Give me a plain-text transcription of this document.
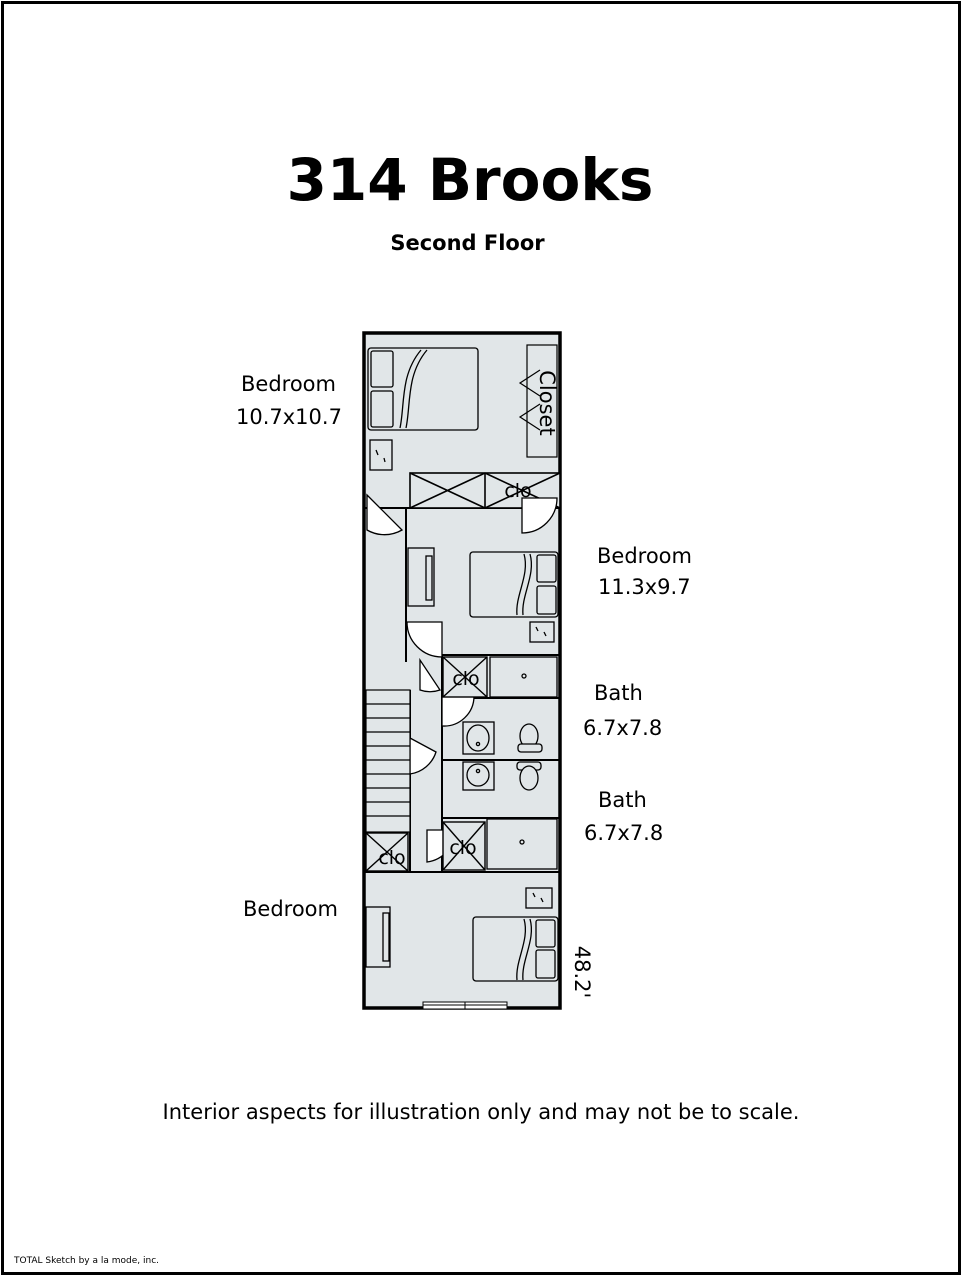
314 Brooks
Second Floor
Closet
48.2'
clo
clo
clo
clo
Bedroom
10.7x10.7
Bedroom
11.3x9.7
Bath
6.7x7.8
Bath
6.7x7.8
Bedroom
Interior aspects for illustration only and may not be to scale.
TOTAL Sketch by a la mode, inc.
